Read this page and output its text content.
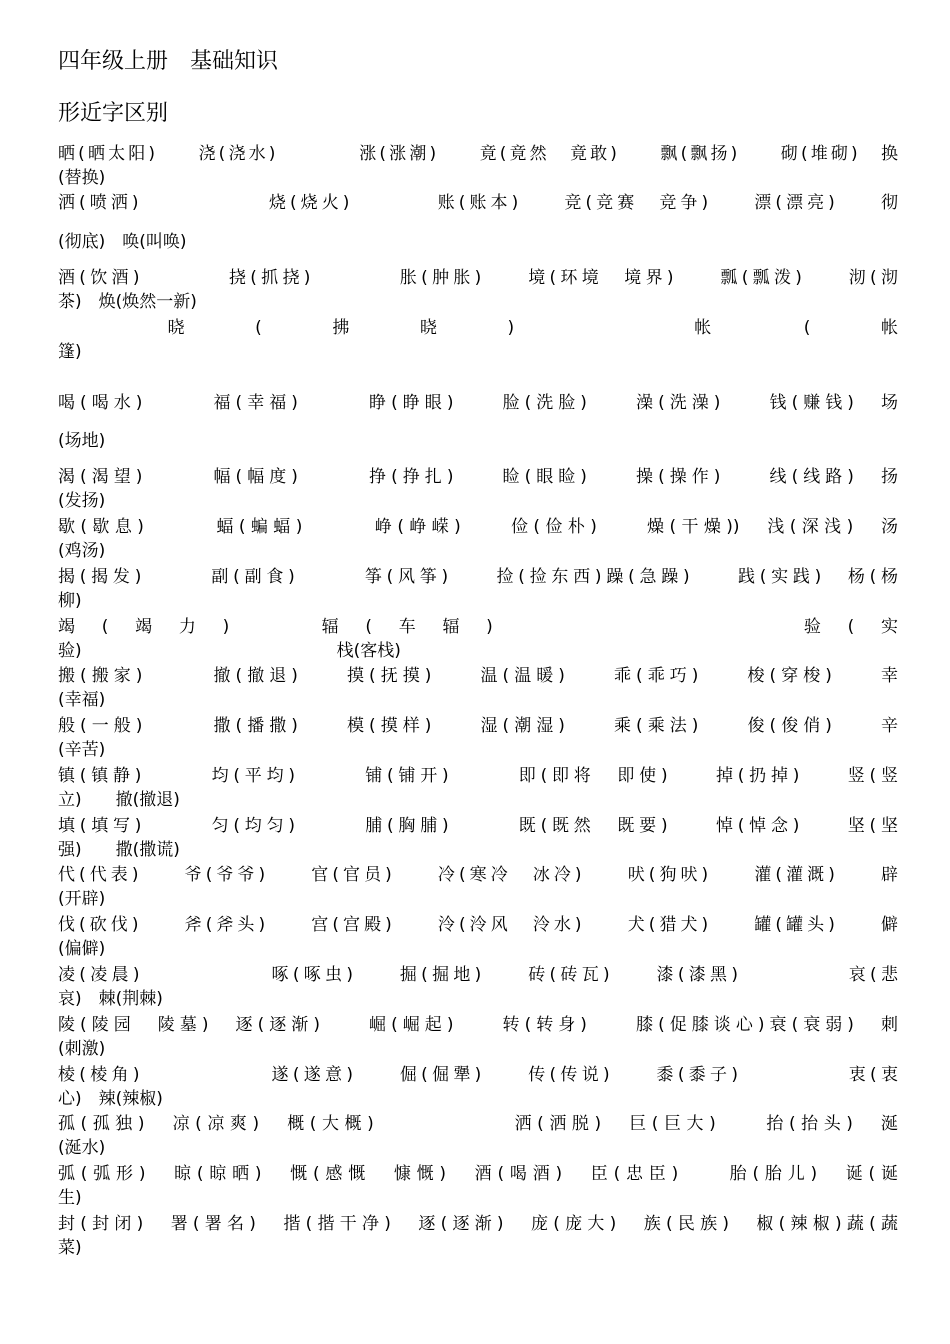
四年级上册　基础知识
形近字区别
晒(晒太阳)　　浇(浇水)　　　　涨(涨潮)　　竟(竟然　竟敢)　　飘(飘扬)　　砌(堆砌)　换
(替换)
洒(喷洒)　　　　　　烧(烧火)　　　　账(账本)　　竞(竞赛　竞争)　　漂(漂亮)　　彻
(彻底)　唤(叫唤)
酒(饮酒)　　　　挠(抓挠)　　　　胀(肿胀)　　境(环境　境界)　　瓢(瓢泼)　　沏(沏
茶)　焕(焕然一新)
　　　　　晓　　　(　　　拂　　　晓　　　)　　　　　　　　帐　　　　(　　　帐
篷)
喝(喝水)　　　福(幸福)　　　睁(睁眼)　　脸(洗脸)　　澡(洗澡)　　钱(赚钱)　场
(场地)
渴(渴望)　　　幅(幅度)　　　挣(挣扎)　　睑(眼睑)　　操(操作)　　线(线路)　扬
(发扬)
歇(歇息)　　　蝠(蝙蝠)　　　峥(峥嵘)　　俭(俭朴)　　燥(干燥))　浅(深浅)　汤
(鸡汤)
揭(揭发)　　　副(副食)　　　筝(风筝)　　捡(捡东西)躁(急躁)　　践(实践)　杨(杨
柳)
竭　(　竭　力　)　　　　辐　(　车　辐　)　　　　　　　　　　　　　　验　(　实
验)　　　　　　　　　　　　　　　栈(客栈)
搬(搬家)　　　撤(撤退)　　摸(抚摸)　　温(温暖)　　乖(乖巧)　　梭(穿梭)　　幸
(幸福)
般(一般)　　　撒(播撒)　　模(摸样)　　湿(潮湿)　　乘(乘法)　　俊(俊俏)　　辛
(辛苦)
镇(镇静)　　　均(平均)　　　铺(铺开)　　　即(即将　即使)　　掉(扔掉)　　竖(竖
立)　　撤(撤退)
填(填写)　　　匀(均匀)　　　脯(胸脯)　　　既(既然　既要)　　悼(悼念)　　坚(坚
强)　　撒(撒谎)
代(代表)　　爷(爷爷)　　官(官员)　　冷(寒冷　冰冷)　　吠(狗吠)　　灌(灌溉)　　辟
(开辟)
伐(砍伐)　　斧(斧头)　　宫(宫殿)　　泠(泠风　泠水)　　犬(猎犬)　　罐(罐头)　　僻
(偏僻)
凌(凌晨)　　　　　　啄(啄虫)　　掘(掘地)　　砖(砖瓦)　　漆(漆黑)　　　　　哀(悲
哀)　棘(荆棘)
陵(陵园　陵墓)　逐(逐渐)　　崛(崛起)　　转(转身)　　膝(促膝谈心)衰(衰弱)　刺
(刺激)
棱(棱角)　　　　　　遂(遂意)　　倔(倔犟)　　传(传说)　　黍(黍子)　　　　　衷(衷
心)　辣(辣椒)
孤(孤独)　凉(凉爽)　概(大概)　　　　　　洒(洒脱)　巨(巨大)　　抬(抬头)　涎
(涎水)
弧(弧形)　晾(晾晒)　慨(感慨　慷慨)　酒(喝酒)　臣(忠臣)　　胎(胎儿)　诞(诞
生)
封(封闭)　署(署名)　揩(揩干净)　逐(逐渐)　庞(庞大)　族(民族)　椒(辣椒)蔬(蔬
菜)
